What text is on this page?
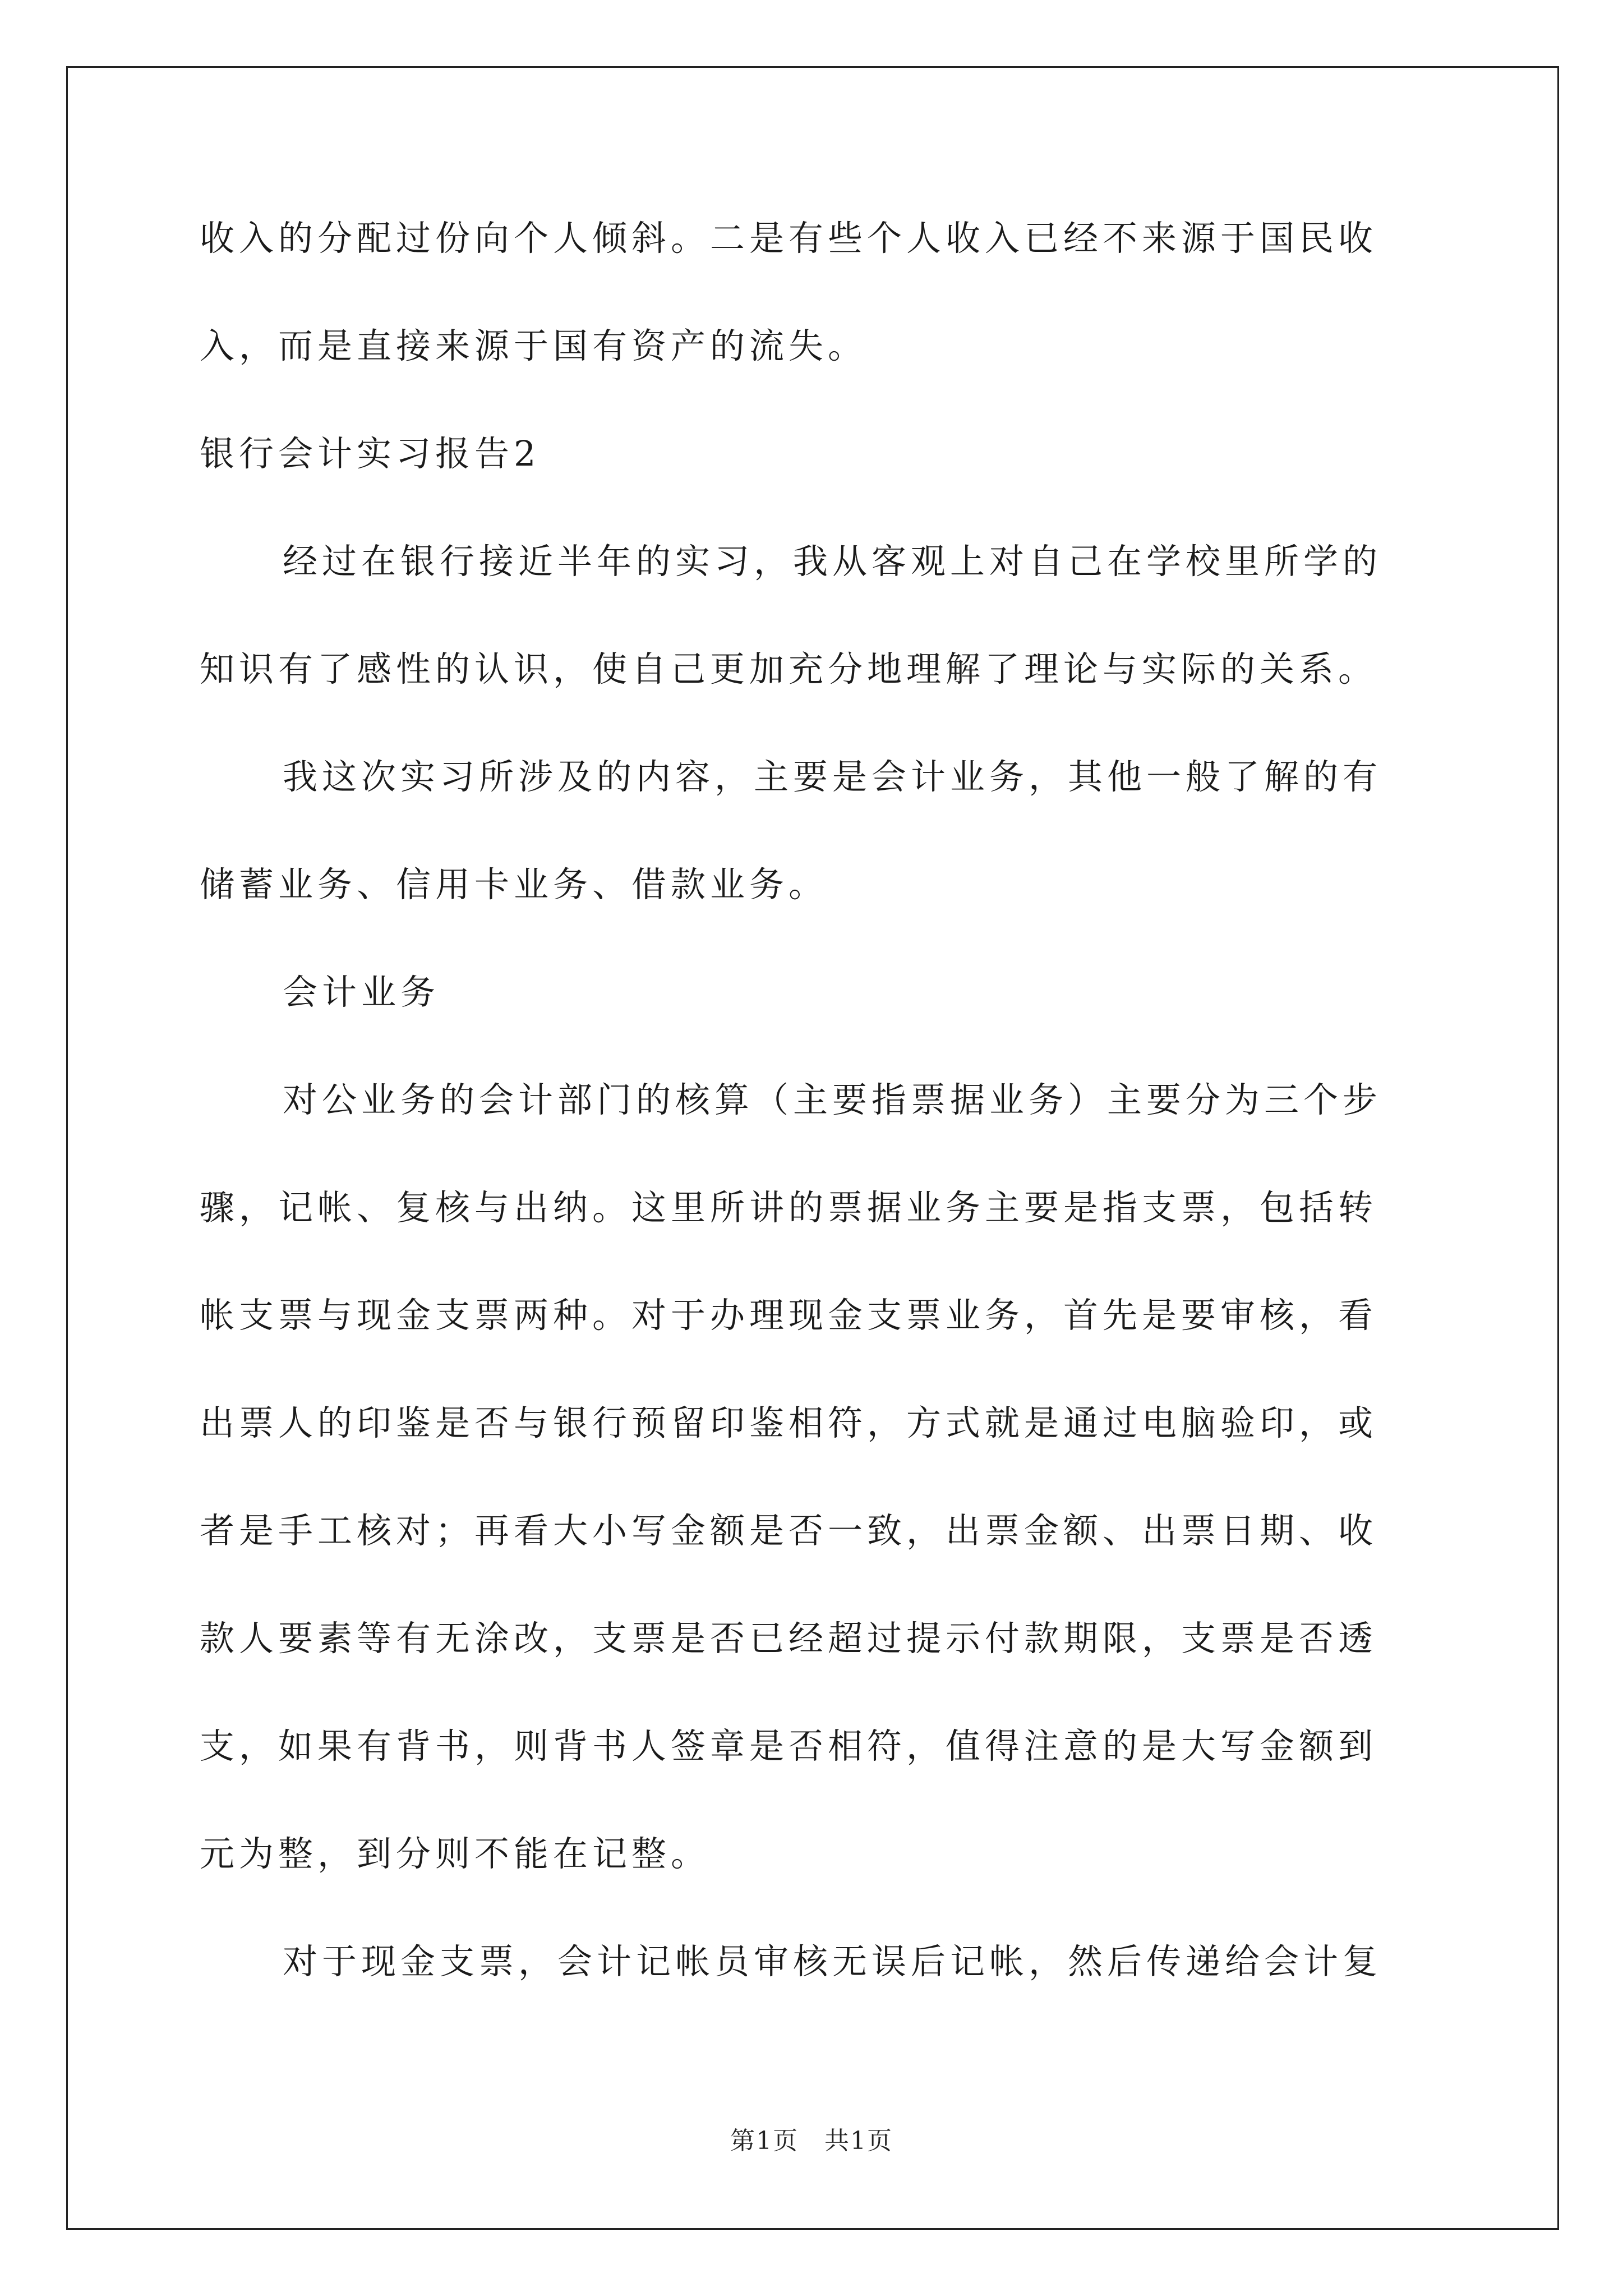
收入的分配过份向个人倾斜。二是有些个人收入已经不来源于国民收
入，而是直接来源于国有资产的流失。
银行会计实习报告2
经过在银行接近半年的实习，我从客观上对自己在学校里所学的
知识有了感性的认识，使自己更加充分地理解了理论与实际的关系。
我这次实习所涉及的内容，主要是会计业务，其他一般了解的有
储蓄业务、信用卡业务、借款业务。
会计业务
对公业务的会计部门的核算（主要指票据业务）主要分为三个步
骤，记帐、复核与出纳。这里所讲的票据业务主要是指支票，包括转
帐支票与现金支票两种。对于办理现金支票业务，首先是要审核，看
出票人的印鉴是否与银行预留印鉴相符，方式就是通过电脑验印，或
者是手工核对；再看大小写金额是否一致，出票金额、出票日期、收
款人要素等有无涂改，支票是否已经超过提示付款期限，支票是否透
支，如果有背书，则背书人签章是否相符，值得注意的是大写金额到
元为整，到分则不能在记整。
对于现金支票，会计记帐员审核无误后记帐，然后传递给会计复
第1页　共1页
